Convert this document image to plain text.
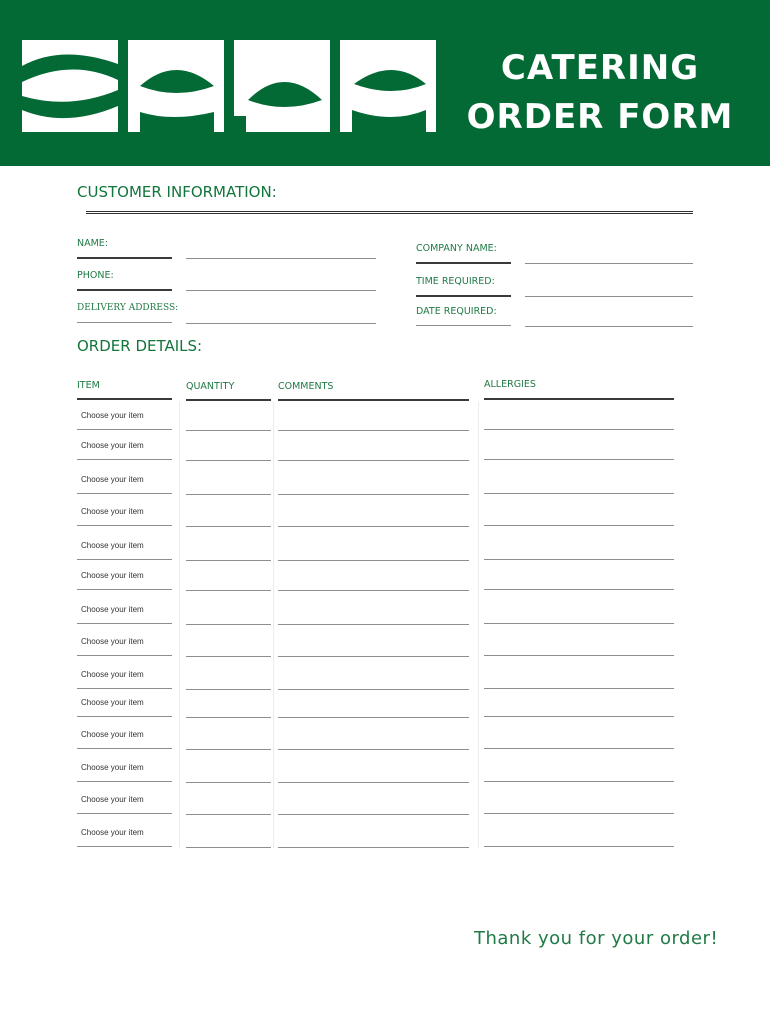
CATERING
ORDER FORM
CUSTOMER INFORMATION:
NAME:
PHONE:
DELIVERY ADDRESS:
COMPANY NAME:
TIME REQUIRED:
DATE REQUIRED:
ORDER DETAILS:
ITEM	QUANTITY	COMMENTS	ALLERGIES
Choose your item
Choose your item
Choose your item
Choose your item
Choose your item
Choose your item
Choose your item
Choose your item
Choose your item
Choose your item
Choose your item
Choose your item
Choose your item
Choose your item
Thank you for your order!
